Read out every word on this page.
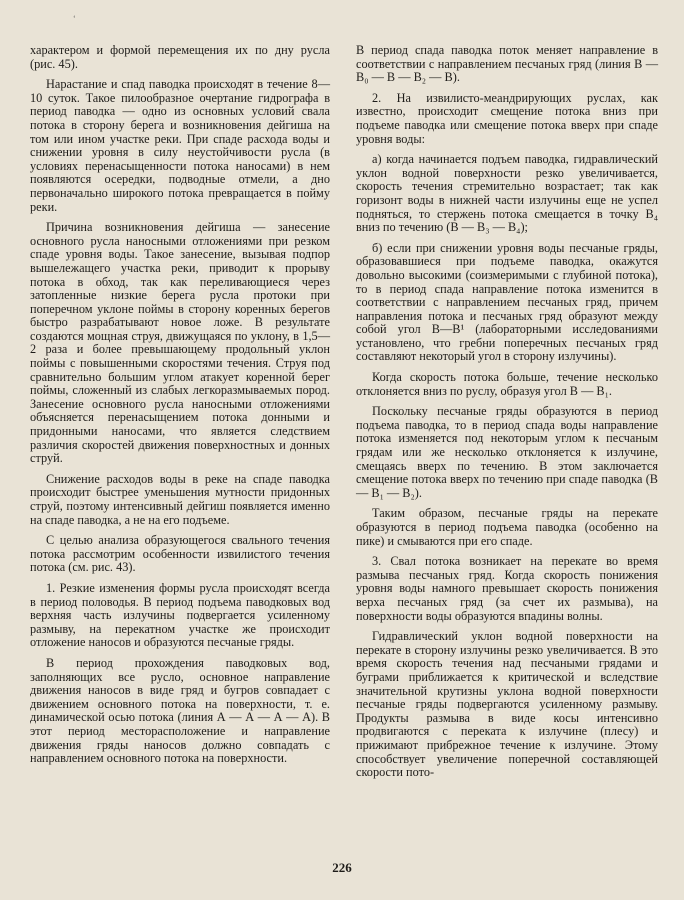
ʻ

характером и формой перемещения их по дну русла (рис. 45).

Нарастание и спад паводка происходят в течение 8—10 суток. Такое пилообразное очертание гидрографа в период паводка — одно из основных условий свала потока в сторону берега и возникновения дейгиша на том или ином участке реки. При спаде расхода воды и снижении уровня в силу неустойчивости русла (в условиях перенасыщенности потока наносами) в нем появляются осередки, подводные отмели, а дно первоначально широкого потока превращается в пойму реки.

Причина возникновения дейгиша — занесение основного русла наносными отложениями при резком спаде уровня воды. Такое занесение, вызывая подпор вышележащего участка реки, приводит к прорыву потока в обход, так как переливающиеся через затопленные низкие берега русла протоки при поперечном уклоне поймы в сторону коренных берегов быстро разрабатывают новое ложе. В результате создаются мощная струя, движущаяся по уклону, в 1,5—2 раза и более превышающему продольный уклон поймы с повышенными скоростями течения. Струя под сравнительно большим углом атакует коренной берег поймы, сложенный из слабых легкоразмываемых пород. Занесение основного русла наносными отложениями объясняется перенасыщением потока донными и придонными наносами, что является следствием различия скоростей движения поверхностных и донных струй.

Снижение расходов воды в реке на спаде паводка происходит быстрее уменьшения мутности придонных струй, поэтому интенсивный дейгиш появляется именно на спаде паводка, а не на его подъеме.

С целью анализа образующегося свального течения потока рассмотрим особенности извилистого течения потока (см. рис. 43).

1. Резкие изменения формы русла происходят всегда в период половодья. В период подъема паводковых вод верхняя часть излучины подвергается усиленному размыву, на перекатном участке же происходит отложение наносов и образуются песчаные гряды.

В период прохождения паводковых вод, заполняющих все русло, основное направление движения наносов в виде гряд и бугров совпадает с движением основного потока на поверхности, т. е. динамической осью потока (линия А — А — А — А). В этот период месторасположение и направление движения гряды наносов должно совпадать с направлением основного потока на поверхности.

В период спада паводка поток меняет направление в соответствии с направлением песчаных гряд (линия В — В₀ — В — В₂ — В).

2. На извилисто-меандрирующих руслах, как известно, происходит смещение потока вниз при подъеме паводка или смещение потока вверх при спаде уровня воды:

а) когда начинается подъем паводка, гидравлический уклон водной поверхности резко увеличивается, скорость течения стремительно возрастает; так как горизонт воды в нижней части излучины еще не успел подняться, то стержень потока смещается в точку В₄ вниз по течению (В — В₃ — В₄);

б) если при снижении уровня воды песчаные гряды, образовавшиеся при подъеме паводка, окажутся довольно высокими (соизмеримыми с глубиной потока), то в период спада направление потока изменится в соответствии с направлением песчаных гряд, причем направления потока и песчаных гряд образуют между собой угол В—В¹ (лабораторными исследованиями установлено, что гребни поперечных песчаных гряд составляют некоторый угол в сторону излучины).

Когда скорость потока больше, течение несколько отклоняется вниз по руслу, образуя угол В — В₁.

Поскольку песчаные гряды образуются в период подъема паводка, то в период спада воды направление потока изменяется под некоторым углом к песчаным грядам или же несколько отклоняется к излучине, смещаясь вверх по течению. В этом заключается смещение потока вверх по течению при спаде паводка (В — В₁ — В₂).

Таким образом, песчаные гряды на перекате образуются в период подъема паводка (особенно на пике) и смываются при его спаде.

3. Свал потока возникает на перекате во время размыва песчаных гряд. Когда скорость понижения уровня воды намного превышает скорость понижения верха песчаных гряд (за счет их размыва), на поверхности воды образуются впадины волны.

Гидравлический уклон водной поверхности на перекате в сторону излучины резко увеличивается. В это время скорость течения над песчаными грядами и буграми приближается к критической и вследствие значительной крутизны уклона водной поверхности песчаные гряды подвергаются усиленному размыву. Продукты размыва в виде косы интенсивно продвигаются с переката к излучине (плесу) и прижимают прибрежное течение к излучине. Этому способствует увеличение поперечной составляющей скорости пото-

226
